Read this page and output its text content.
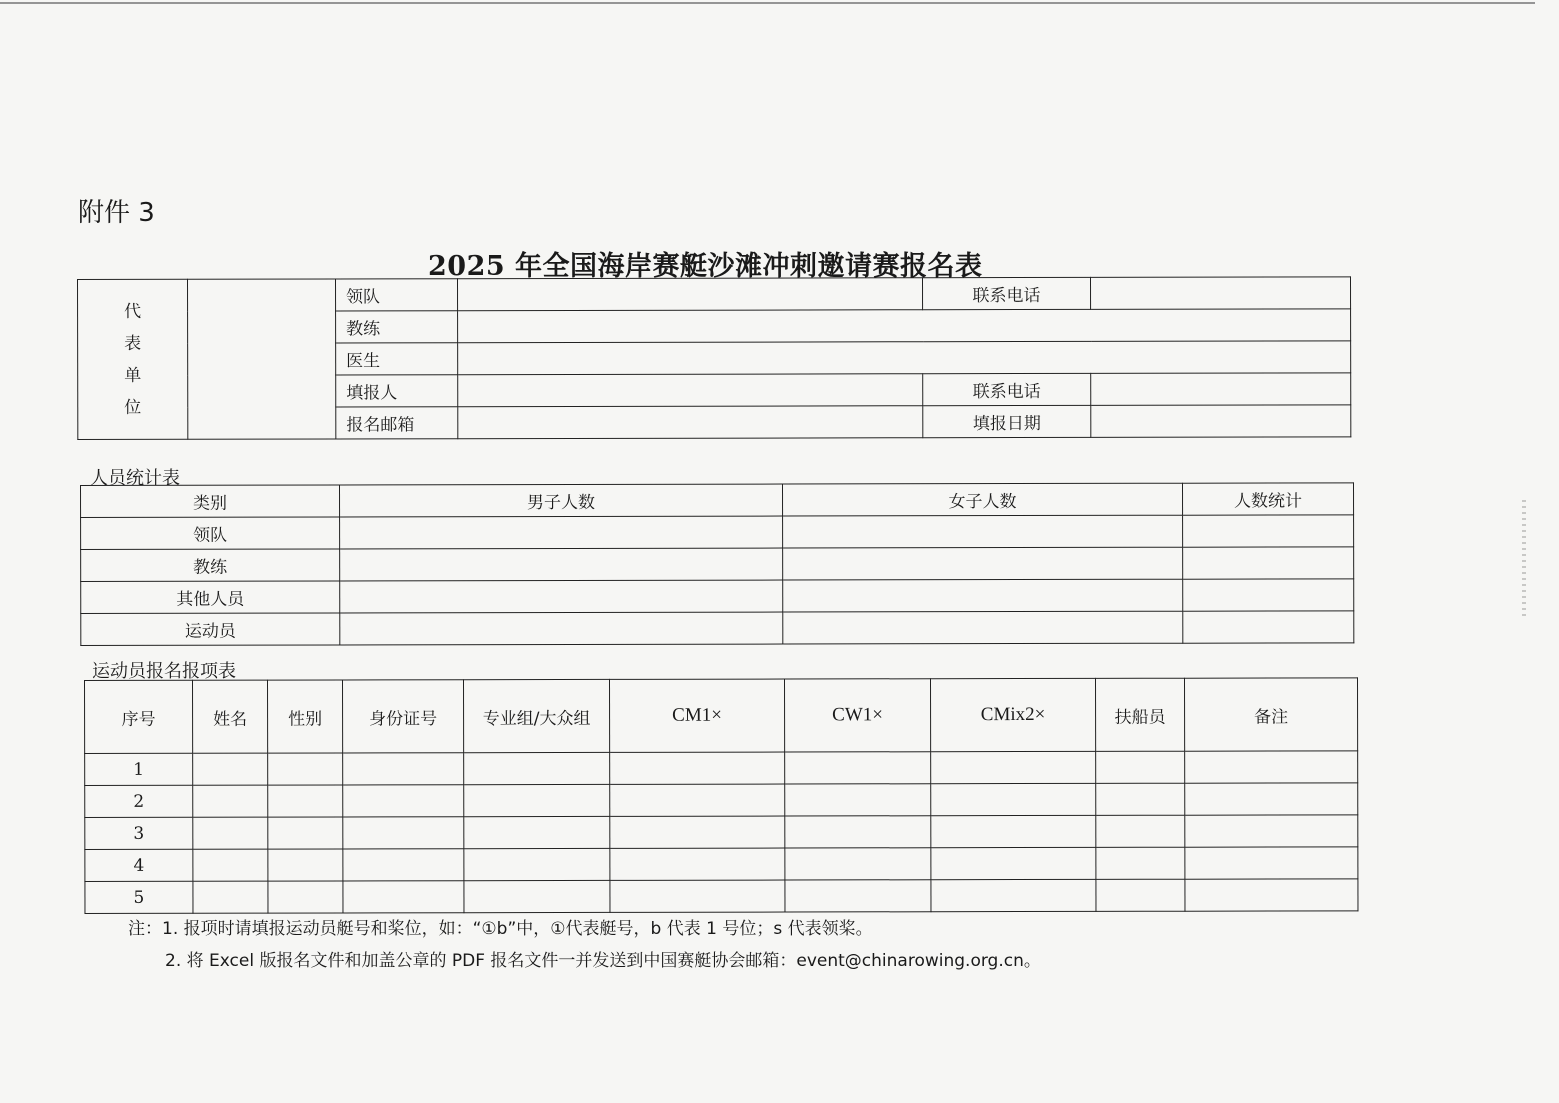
附件 3
2025 年全国海岸赛艇沙滩冲刺邀请赛报名表
代
表
单
位		领队		联系电话	
		教练			
		医生			
		填报人		联系电话	
		报名邮箱		填报日期	
人员统计表
类别	男子人数	女子人数	人数统计
领队			
教练			
其他人员			
运动员			
运动员报名报项表
序号	姓名	性别	身份证号	专业组/大众组	CM1×	CW1×	CMix2×	扶船员	备注
1									
2									
3									
4									
5									
注：1. 报项时请填报运动员艇号和桨位，如：“①b”中，①代表艇号，b 代表 1 号位；s 代表领桨。
2. 将 Excel 版报名文件和加盖公章的 PDF 报名文件一并发送到中国赛艇协会邮箱：event@chinarowing.org.cn。
